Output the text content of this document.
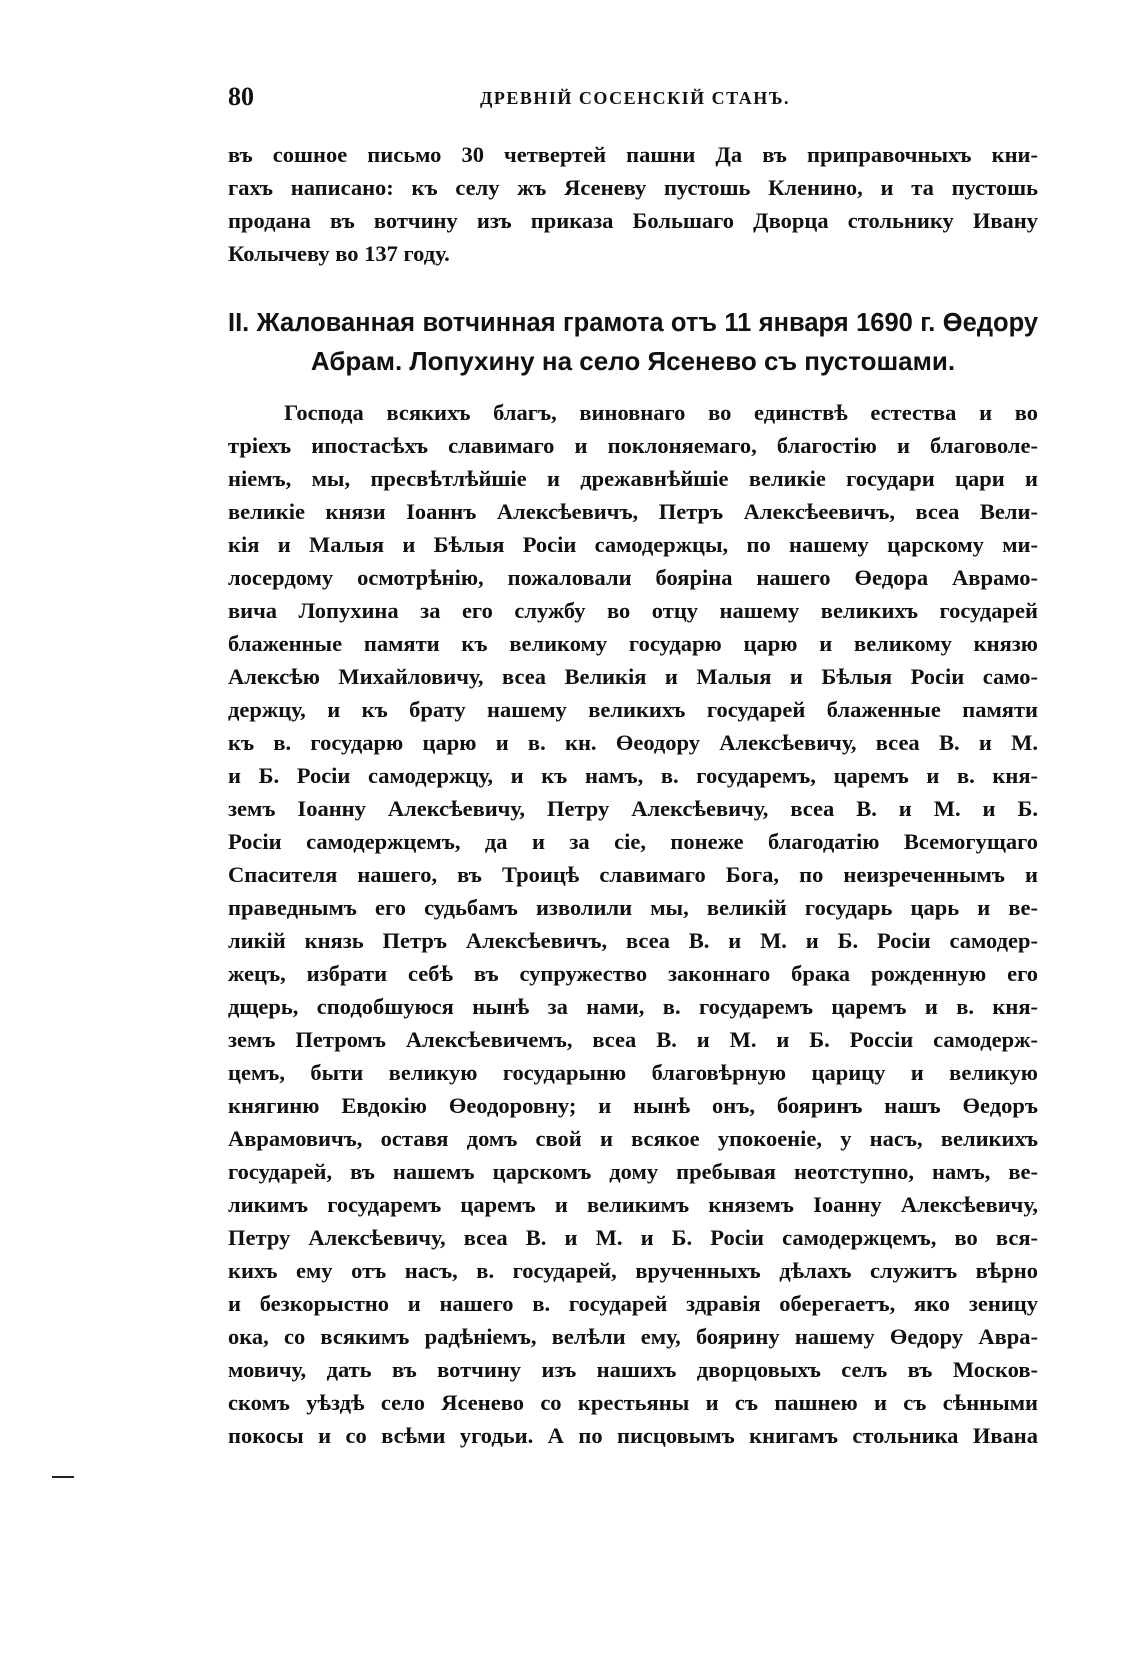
80	ДРЕВНІЙ СОСЕНСКІЙ СТАНЪ.
въ сошное письмо 30 четвертей пашни Да въ приправочныхъ кни-
гахъ написано: къ селу жъ Ясеневу пустошь Кленино, и та пустошь
продана въ вотчину изъ приказа Большаго Дворца стольнику Ивану
Колычеву во 137 году.
II. Жалованная вотчинная грамота отъ 11 января 1690 г. Өедору
Абрам. Лопухину на село Ясенево съ пустошами.
Господа всякихъ благъ, виновнаго во единствѣ естества и во
тріехъ ипостасѣхъ славимаго и поклоняемаго, благостію и благоволе-
ніемъ, мы, пресвѣтлѣйшіе и дрежавнѣйшіе великіе государи цари и
великіе князи Іоаннъ Алексѣевичъ, Петръ Алексѣеевичъ, всеа Вели-
кія и Малыя и Бѣлыя Росіи самодержцы, по нашему царскому ми-
лосердому осмотрѣнію, пожаловали бояріна нашего Өедора Аврамо-
вича Лопухина за его службу во отцу нашему великихъ государей
блаженные памяти къ великому государю царю и великому князю
Алексѣю Михайловичу, всеа Великія и Малыя и Бѣлыя Росіи само-
держцу, и къ брату нашему великихъ государей блаженные памяти
къ в. государю царю и в. кн. Өеодору Алексѣевичу, всеа В. и М.
и Б. Росіи самодержцу, и къ намъ, в. государемъ, царемъ и в. кня-
земъ Іоанну Алексѣевичу, Петру Алексѣевичу, всеа В. и М. и Б.
Росіи самодержцемъ, да и за сіе, понеже благодатію Всемогущаго
Спасителя нашего, въ Троицѣ славимаго Бога, по неизреченнымъ и
праведнымъ его судьбамъ изволили мы, великій государь царь и ве-
ликій князь Петръ Алексѣевичъ, всеа В. и М. и Б. Росіи самодер-
жецъ, избрати себѣ въ супружество законнаго брака рожденную его
дщерь, сподобшуюся нынѣ за нами, в. государемъ царемъ и в. кня-
земъ Петромъ Алексѣевичемъ, всеа В. и М. и Б. Россіи самодерж-
цемъ, быти великую государыню благовѣрную царицу и великую
княгиню Евдокію Өеодоровну; и нынѣ онъ, бояринъ нашъ Өедоръ
Аврамовичъ, оставя домъ свой и всякое упокоеніе, у насъ, великихъ
государей, въ нашемъ царскомъ дому пребывая неотступно, намъ, ве-
ликимъ государемъ царемъ и великимъ княземъ Іоанну Алексѣевичу,
Петру Алексѣевичу, всеа В. и М. и Б. Росіи самодержцемъ, во вся-
кихъ ему отъ насъ, в. государей, врученныхъ дѣлахъ служитъ вѣрно
и безкорыстно и нашего в. государей здравія оберегаетъ, яко зеницу
ока, со всякимъ радѣніемъ, велѣли ему, боярину нашему Өедору Авра-
мовичу, дать въ вотчину изъ нашихъ дворцовыхъ селъ въ Москов-
скомъ уѣздѣ село Ясенево со крестьяны и съ пашнею и съ сѣнными
покосы и со всѣми угодьи. А по писцовымъ книгамъ стольника Ивана
